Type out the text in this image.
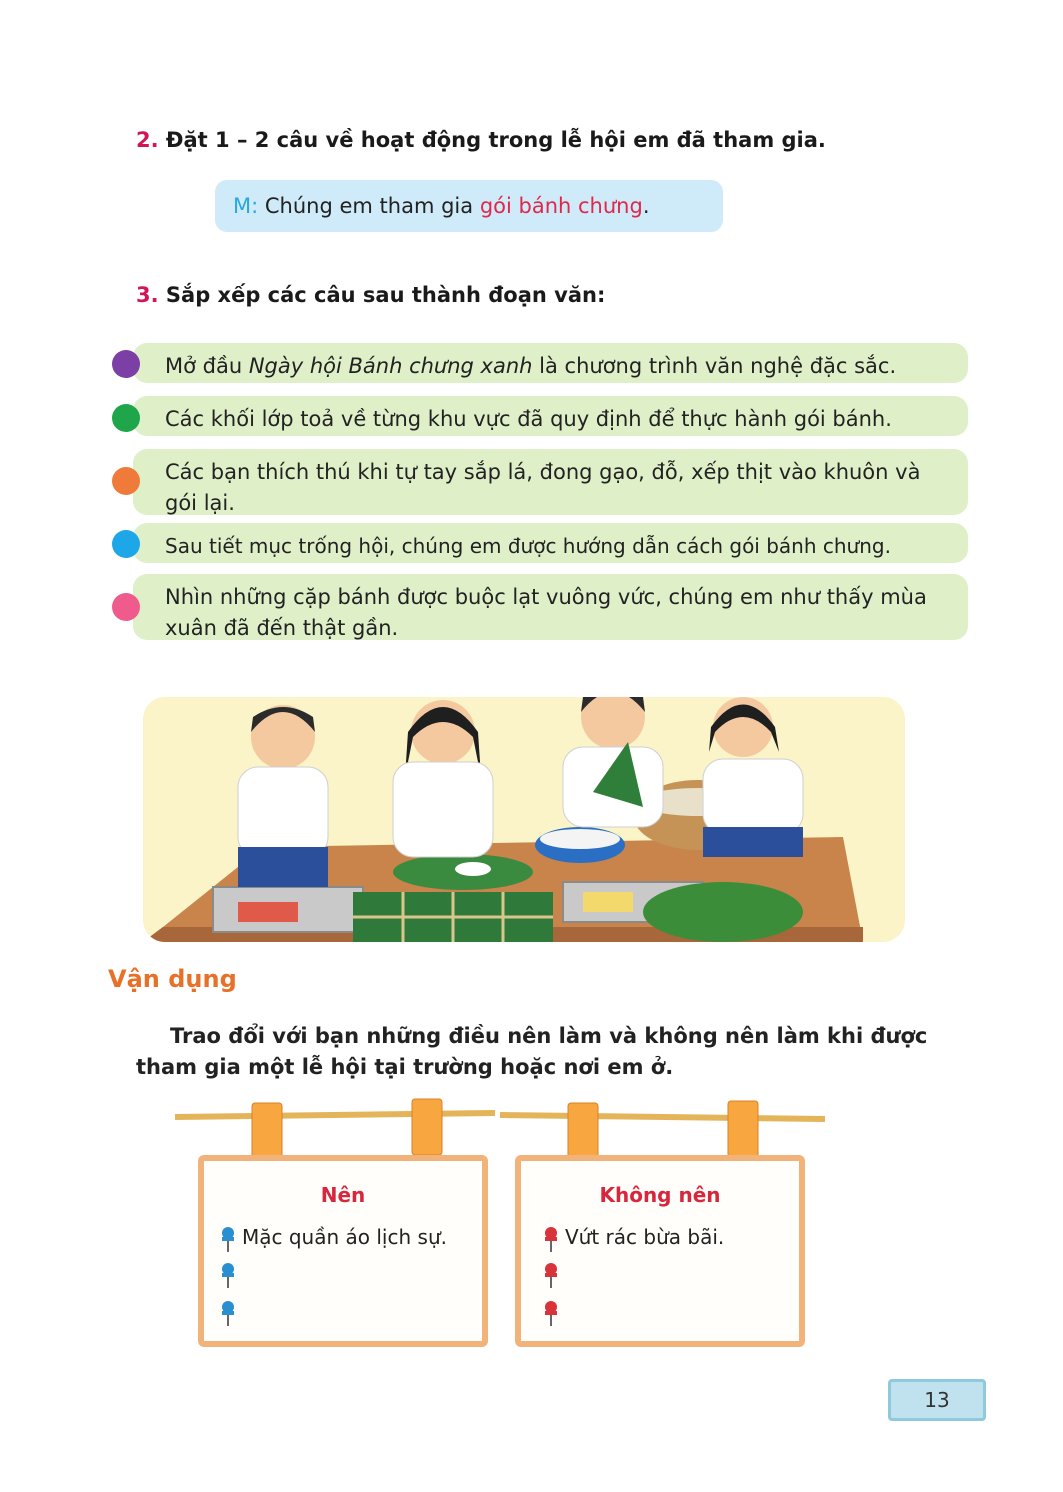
2. Đặt 1 – 2 câu về hoạt động trong lễ hội em đã tham gia.
M: Chúng em tham gia gói bánh chưng.
3. Sắp xếp các câu sau thành đoạn văn:
Mở đầu Ngày hội Bánh chưng xanh là chương trình văn nghệ đặc sắc.
Các khối lớp toả về từng khu vực đã quy định để thực hành gói bánh.
Các bạn thích thú khi tự tay sắp lá, đong gạo, đỗ, xếp thịt vào khuôn và gói lại.
Sau tiết mục trống hội, chúng em được hướng dẫn cách gói bánh chưng.
Nhìn những cặp bánh được buộc lạt vuông vức, chúng em như thấy mùa xuân đã đến thật gần.
Vận dụng
Trao đổi với bạn những điều nên làm và không nên làm khi được tham gia một lễ hội tại trường hoặc nơi em ở.
Nên
Mặc quần áo lịch sự.
Không nên
Vứt rác bừa bãi.
13
